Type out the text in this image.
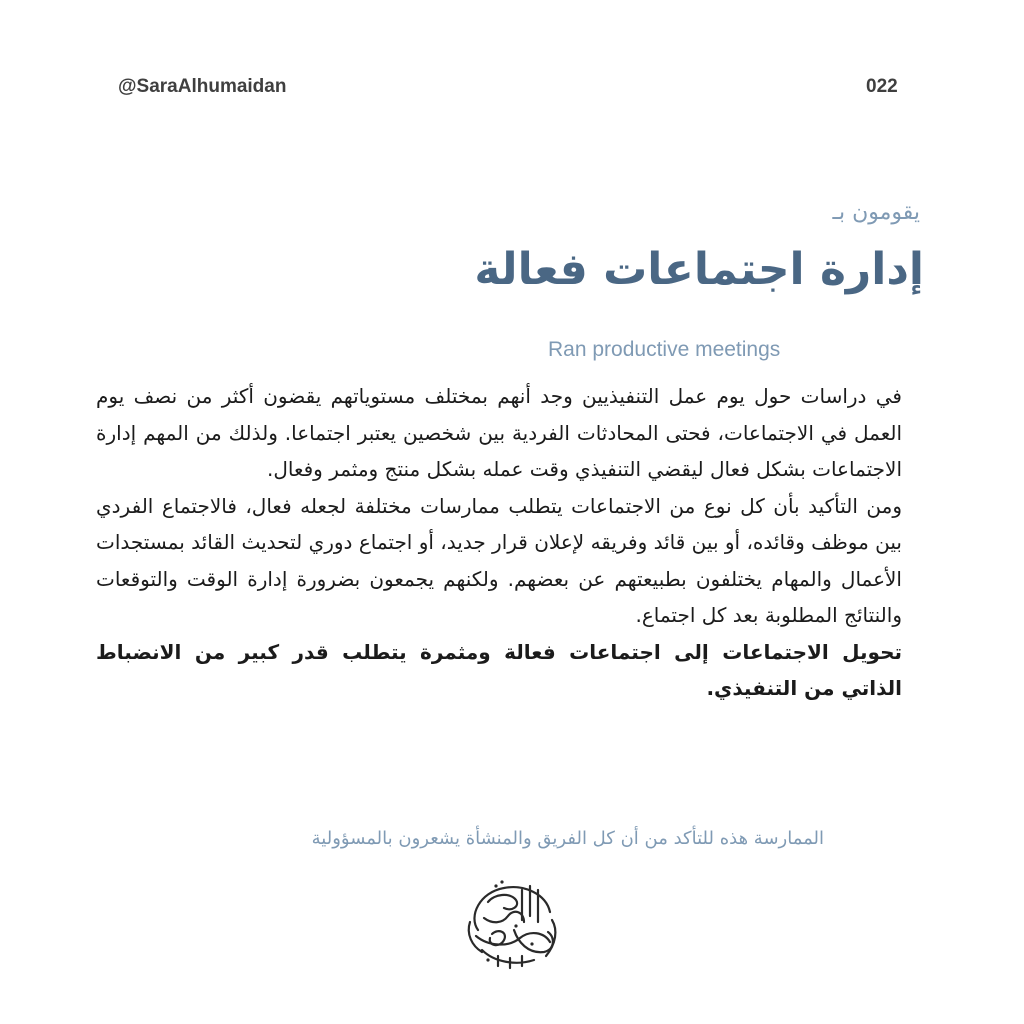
@SaraAlhumaidan	022
يقومون بـ
إدارة اجتماعات فعالة
Ran productive meetings

في دراسات حول يوم عمل التنفيذيين وجد أنهم بمختلف مستوياتهم يقضون أكثر من نصف يوم العمل في الاجتماعات، فحتى المحادثات الفردية بين شخصين يعتبر اجتماعا. ولذلك من المهم إدارة الاجتماعات بشكل فعال ليقضي التنفيذي وقت عمله بشكل منتج ومثمر وفعال.

ومن التأكيد بأن كل نوع من الاجتماعات يتطلب ممارسات مختلفة لجعله فعال، فالاجتماع الفردي بين موظف وقائده، أو بين قائد وفريقه لإعلان قرار جديد، أو اجتماع دوري لتحديث القائد بمستجدات الأعمال والمهام يختلفون بطبيعتهم عن بعضهم. ولكنهم يجمعون بضرورة إدارة الوقت والتوقعات والنتائج المطلوبة بعد كل اجتماع.

تحويل الاجتماعات إلى اجتماعات فعالة ومثمرة يتطلب قدر كبير من الانضباط الذاتي من التنفيذي.

الممارسة هذه للتأكد من أن كل الفريق والمنشأة يشعرون بالمسؤولية
